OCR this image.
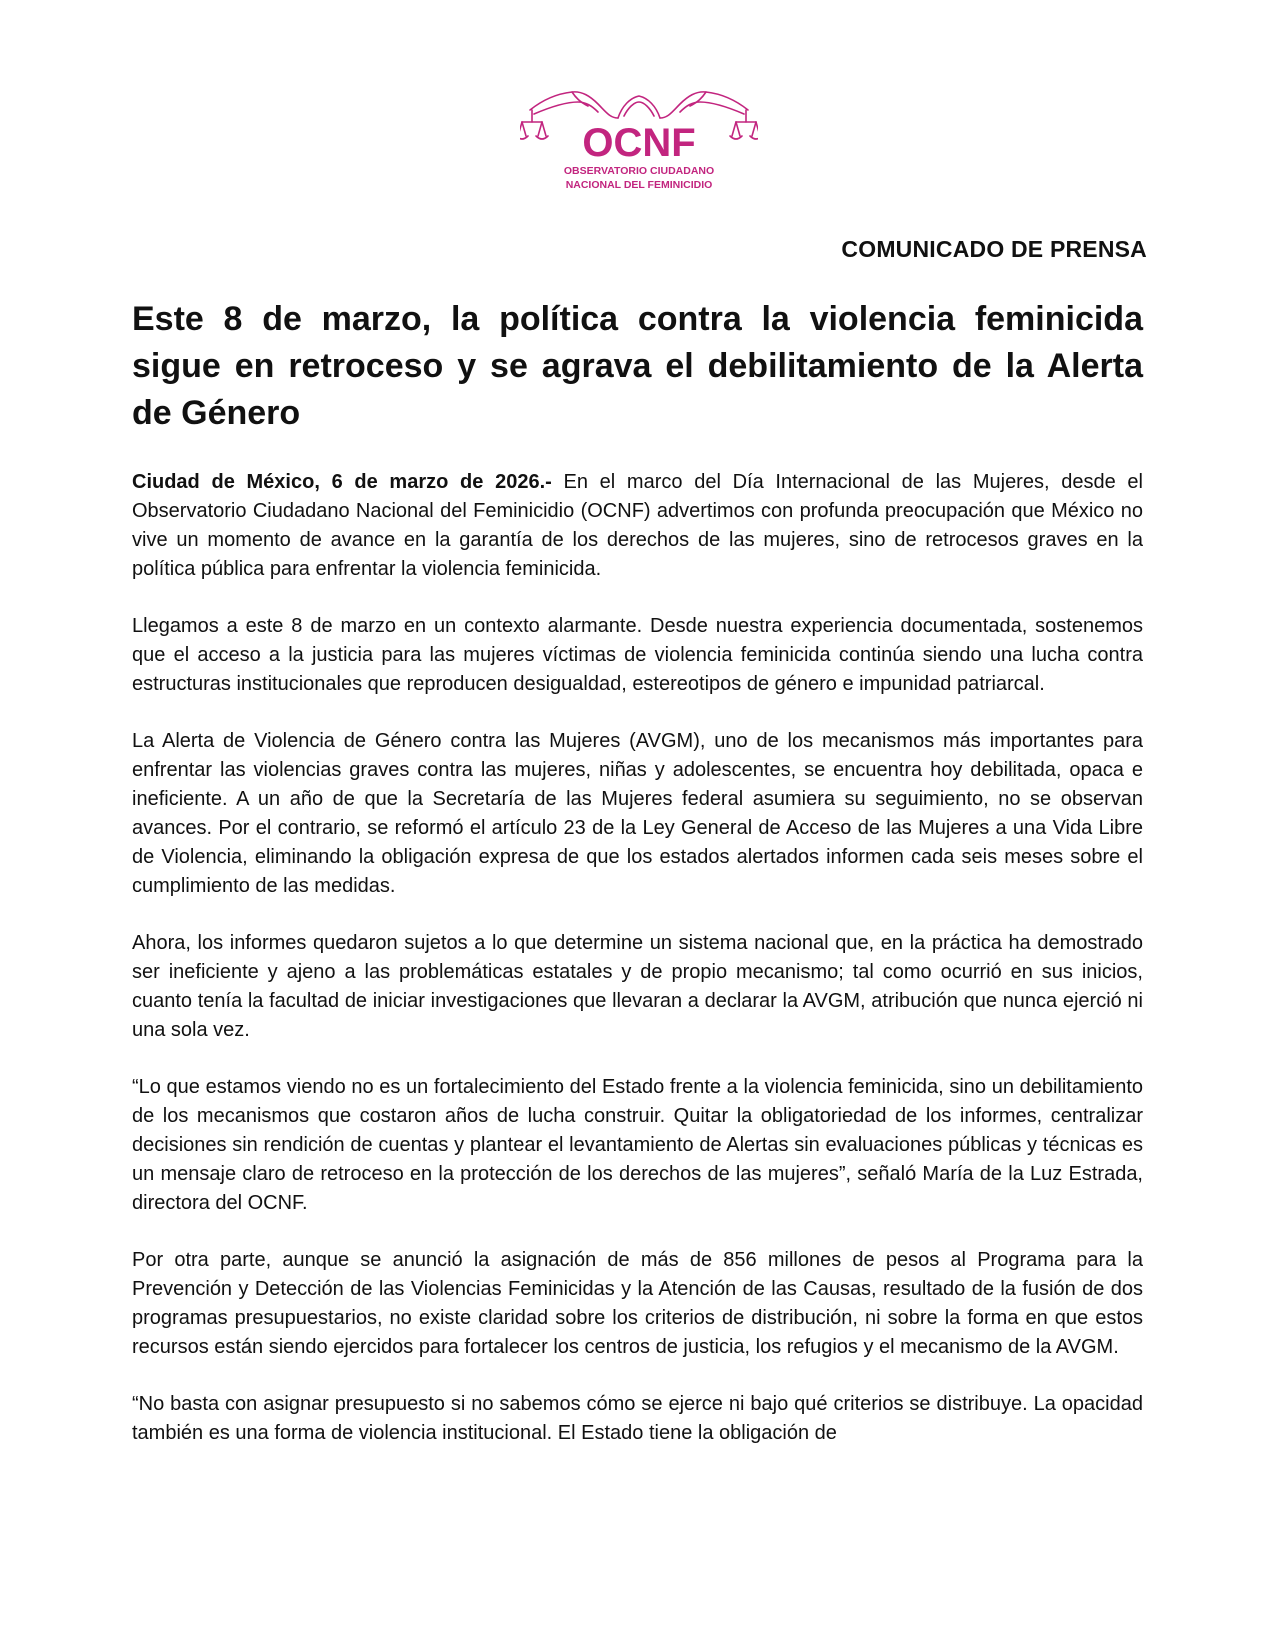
OCNF
OBSERVATORIO CIUDADANO
NACIONAL DEL FEMINICIDIO
COMUNICADO DE PRENSA
Este 8 de marzo, la política contra la violencia feminicida sigue en retroceso y se agrava el debilitamiento de la Alerta de Género

Ciudad de México, 6 de marzo de 2026.- En el marco del Día Internacional de las Mujeres, desde el Observatorio Ciudadano Nacional del Feminicidio (OCNF) advertimos con profunda preocupación que México no vive un momento de avance en la garantía de los derechos de las mujeres, sino de retrocesos graves en la política pública para enfrentar la violencia feminicida.

Llegamos a este 8 de marzo en un contexto alarmante. Desde nuestra experiencia documentada, sostenemos que el acceso a la justicia para las mujeres víctimas de violencia feminicida continúa siendo una lucha contra estructuras institucionales que reproducen desigualdad, estereotipos de género e impunidad patriarcal.

La Alerta de Violencia de Género contra las Mujeres (AVGM), uno de los mecanismos más importantes para enfrentar las violencias graves contra las mujeres, niñas y adolescentes, se encuentra hoy debilitada, opaca e ineficiente. A un año de que la Secretaría de las Mujeres federal asumiera su seguimiento, no se observan avances. Por el contrario, se reformó el artículo 23 de la Ley General de Acceso de las Mujeres a una Vida Libre de Violencia, eliminando la obligación expresa de que los estados alertados informen cada seis meses sobre el cumplimiento de las medidas.

Ahora, los informes quedaron sujetos a lo que determine un sistema nacional que, en la práctica ha demostrado ser ineficiente y ajeno a las problemáticas estatales y de propio mecanismo; tal como ocurrió en sus inicios, cuanto tenía la facultad de iniciar investigaciones que llevaran a declarar la AVGM, atribución que nunca ejerció ni una sola vez.

“Lo que estamos viendo no es un fortalecimiento del Estado frente a la violencia feminicida, sino un debilitamiento de los mecanismos que costaron años de lucha construir. Quitar la obligatoriedad de los informes, centralizar decisiones sin rendición de cuentas y plantear el levantamiento de Alertas sin evaluaciones públicas y técnicas es un mensaje claro de retroceso en la protección de los derechos de las mujeres”, señaló María de la Luz Estrada, directora del OCNF.

Por otra parte, aunque se anunció la asignación de más de 856 millones de pesos al Programa para la Prevención y Detección de las Violencias Feminicidas y la Atención de las Causas, resultado de la fusión de dos programas presupuestarios, no existe claridad sobre los criterios de distribución, ni sobre la forma en que estos recursos están siendo ejercidos para fortalecer los centros de justicia, los refugios y el mecanismo de la AVGM.

“No basta con asignar presupuesto si no sabemos cómo se ejerce ni bajo qué criterios se distribuye. La opacidad también es una forma de violencia institucional. El Estado tiene la obligación de
